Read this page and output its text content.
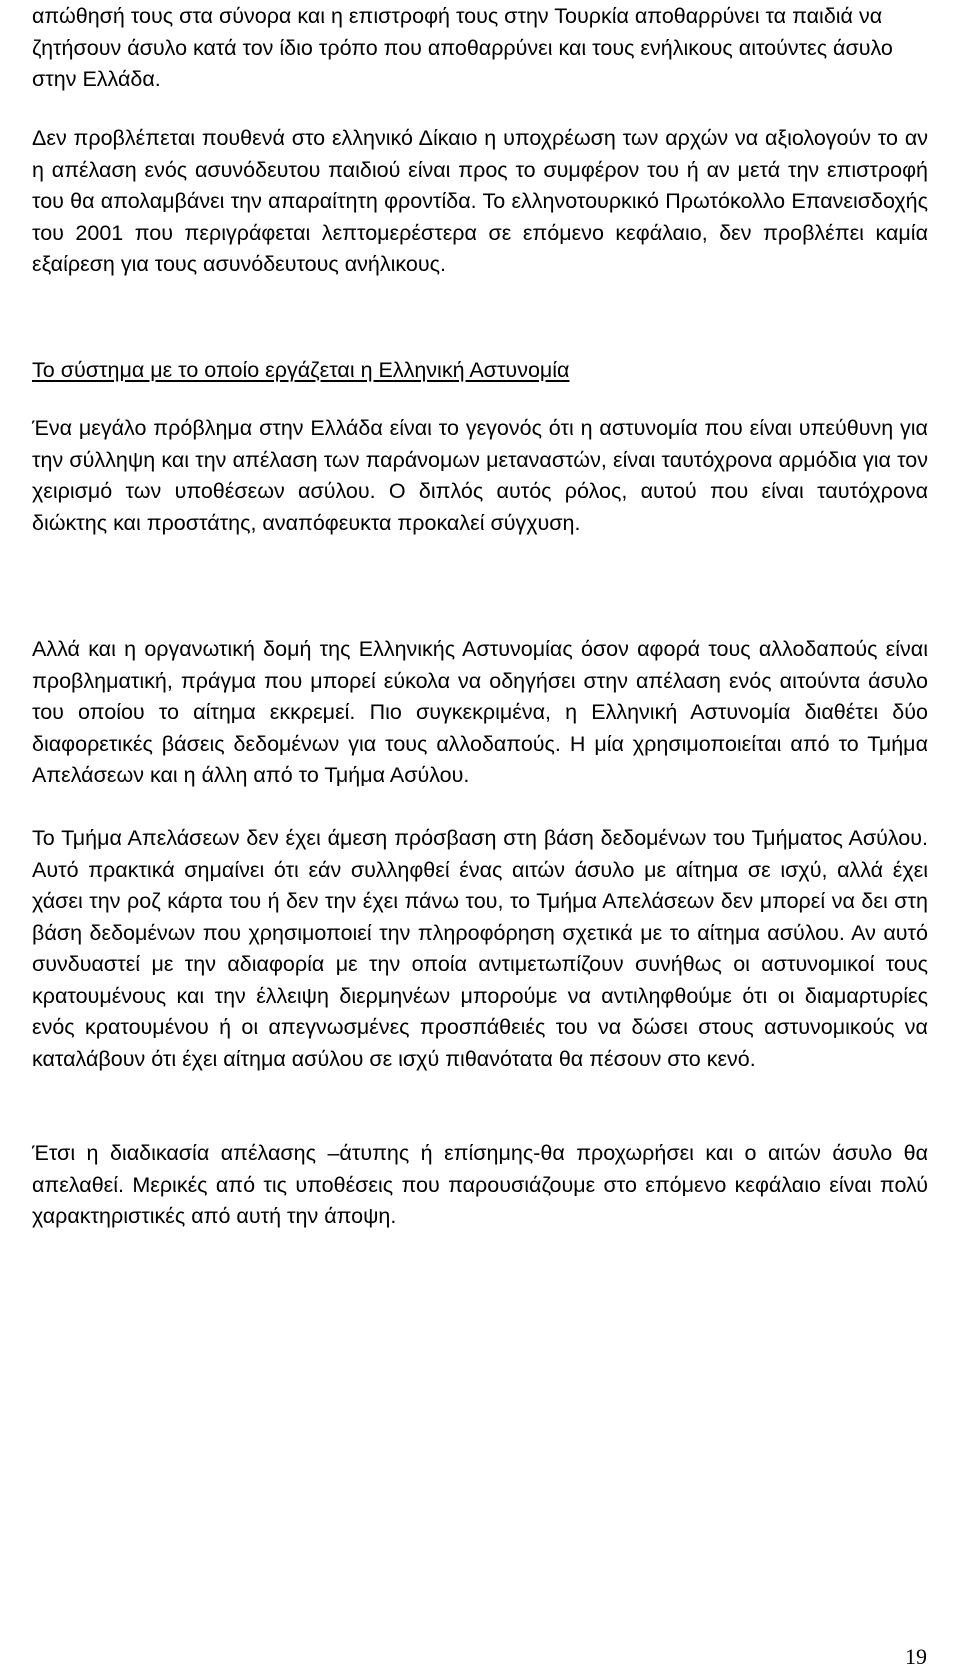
απώθησή τους στα σύνορα και η επιστροφή τους στην Τουρκία αποθαρρύνει τα παιδιά να ζητήσουν άσυλο κατά τον ίδιο τρόπο που αποθαρρύνει και τους ενήλικους αιτούντες άσυλο στην Ελλάδα.

Δεν προβλέπεται πουθενά στο ελληνικό Δίκαιο η υποχρέωση των αρχών να αξιολογούν το αν η απέλαση ενός ασυνόδευτου παιδιού είναι προς το συμφέρον του ή αν μετά την επιστροφή του θα απολαμβάνει την απαραίτητη φροντίδα. Το ελληνοτουρκικό Πρωτόκολλο Επανεισδοχής του 2001 που περιγράφεται λεπτομερέστερα σε επόμενο κεφάλαιο, δεν προβλέπει καμία εξαίρεση για τους ασυνόδευτους ανήλικους.

Το σύστημα με το οποίο εργάζεται η Ελληνική Αστυνομία

Ένα μεγάλο πρόβλημα στην Ελλάδα είναι το γεγονός ότι η αστυνομία που είναι υπεύθυνη για την σύλληψη και την απέλαση των παράνομων μεταναστών, είναι ταυτόχρονα αρμόδια για τον χειρισμό των υποθέσεων ασύλου. Ο διπλός αυτός ρόλος, αυτού που είναι ταυτόχρονα διώκτης και προστάτης, αναπόφευκτα προκαλεί σύγχυση.

Αλλά και η οργανωτική δομή της Ελληνικής Αστυνομίας όσον αφορά τους αλλοδαπούς είναι προβληματική, πράγμα που μπορεί εύκολα να οδηγήσει στην απέλαση ενός αιτούντα άσυλο του οποίου το αίτημα εκκρεμεί. Πιο συγκεκριμένα, η Ελληνική Αστυνομία διαθέτει δύο διαφορετικές βάσεις δεδομένων για τους αλλοδαπούς. Η μία χρησιμοποιείται από το Τμήμα Απελάσεων και η άλλη από το Τμήμα Ασύλου.

Το Τμήμα Απελάσεων δεν έχει άμεση πρόσβαση στη βάση δεδομένων του Τμήματος Ασύλου. Αυτό πρακτικά σημαίνει ότι εάν συλληφθεί ένας αιτών άσυλο με αίτημα σε ισχύ, αλλά έχει χάσει την ροζ κάρτα του ή δεν την έχει πάνω του, το Τμήμα Απελάσεων δεν μπορεί να δει στη βάση δεδομένων που χρησιμοποιεί την πληροφόρηση σχετικά με το αίτημα ασύλου. Αν αυτό συνδυαστεί με την αδιαφορία με την οποία αντιμετωπίζουν συνήθως οι αστυνομικοί τους κρατουμένους και την έλλειψη διερμηνέων μπορούμε να αντιληφθούμε ότι οι διαμαρτυρίες ενός κρατουμένου ή οι απεγνωσμένες προσπάθειές του να δώσει στους αστυνομικούς να καταλάβουν ότι έχει αίτημα ασύλου σε ισχύ πιθανότατα θα πέσουν στο κενό.

Έτσι η διαδικασία απέλασης –άτυπης ή επίσημης-θα προχωρήσει και ο αιτών άσυλο θα απελαθεί. Μερικές από τις υποθέσεις που παρουσιάζουμε στο επόμενο κεφάλαιο είναι πολύ χαρακτηριστικές από αυτή την άποψη.

19
